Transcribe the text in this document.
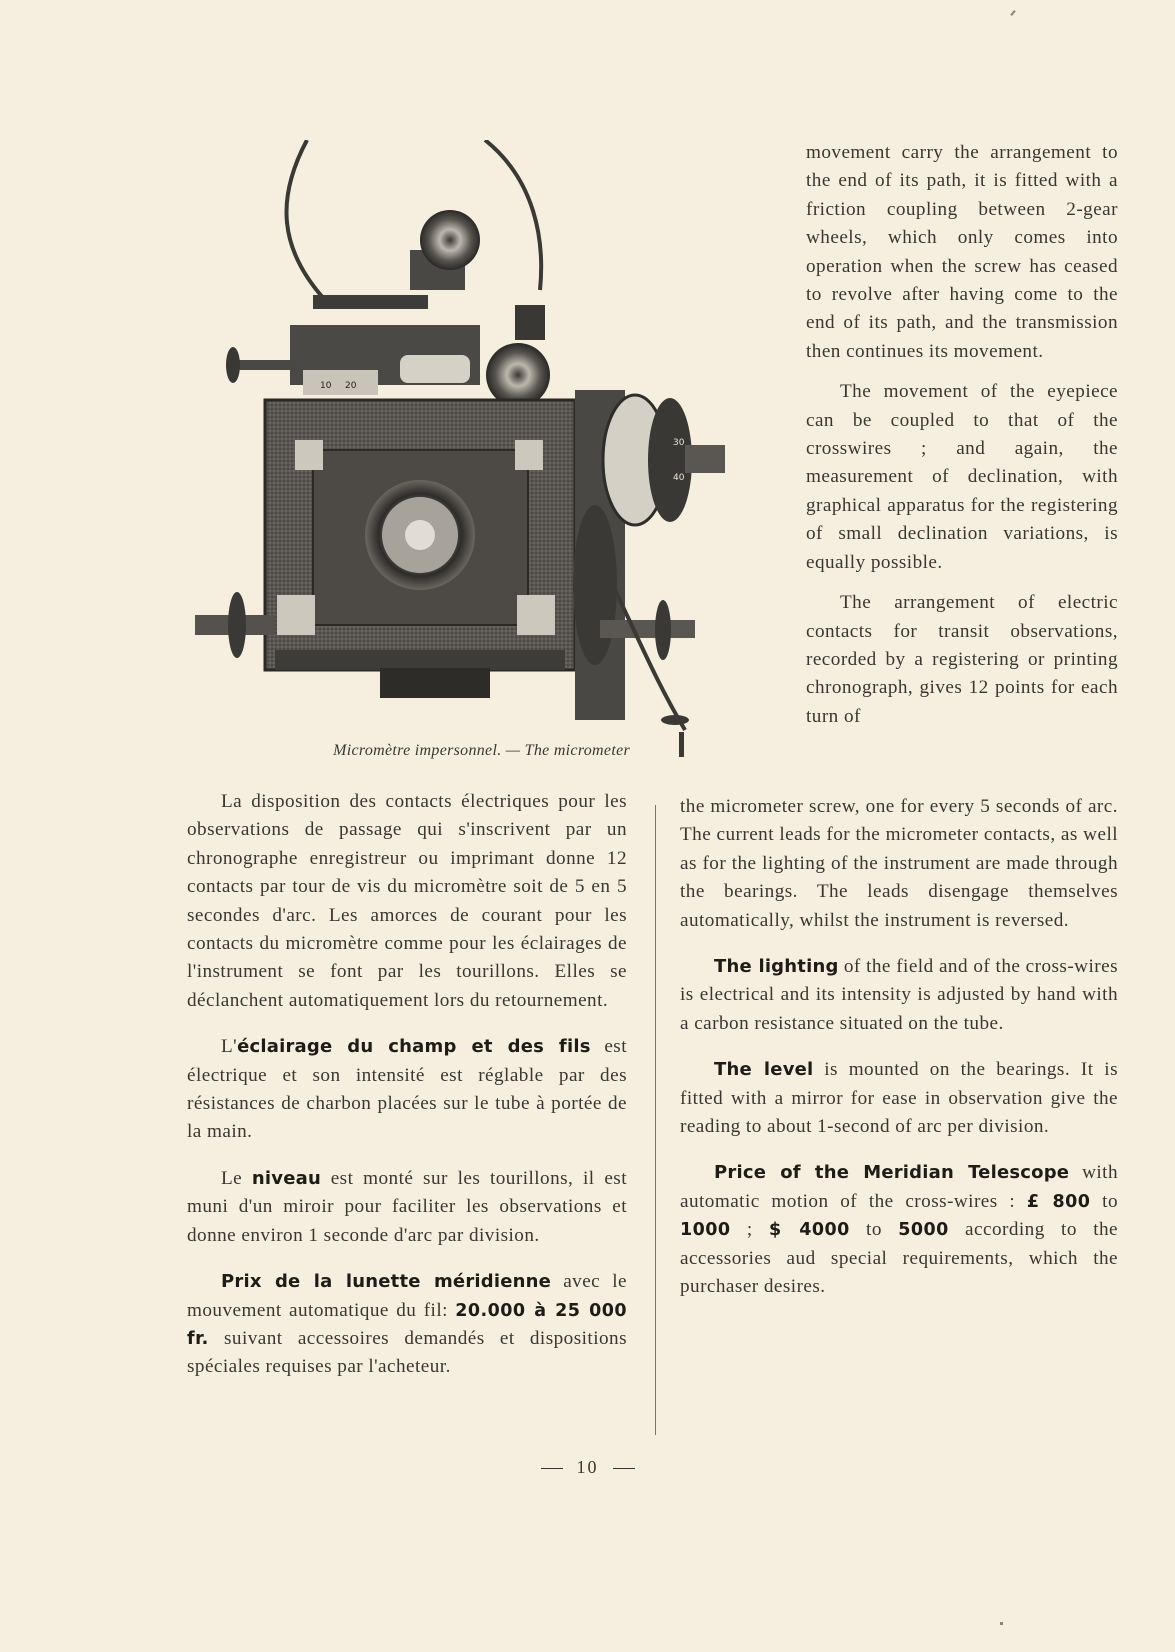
10 20
30
40
Micromètre impersonnel. — The micrometer

movement carry the arrangement to the end of its path, it is fitted with a friction coupling between 2-gear wheels, which only comes into operation when the screw has ceased to revolve after having come to the end of its path, and the transmission then continues its movement.

The movement of the eyepiece can be coupled to that of the crosswires ; and again, the measurement of declination, with graphical apparatus for the registering of small declination variations, is equally possible.

The arrangement of electric contacts for transit observations, recorded by a registering or printing chronograph, gives 12 points for each turn of

the micrometer screw, one for every 5 seconds of arc. The current leads for the micrometer contacts, as well as for the lighting of the instrument are made through the bearings. The leads disengage themselves automatically, whilst the instrument is reversed.

The lighting of the field and of the cross-wires is electrical and its intensity is adjusted by hand with a carbon resistance situated on the tube.

The level is mounted on the bearings. It is fitted with a mirror for ease in observation give the reading to about 1-second of arc per division.

Price of the Meridian Telescope with automatic motion of the cross-wires : £ 800 to 1000 ; $ 4000 to 5000 according to the accessories aud special requirements, which the purchaser desires.

La disposition des contacts électriques pour les observations de passage qui s'inscrivent par un chronographe enregistreur ou imprimant donne 12 contacts par tour de vis du micromètre soit de 5 en 5 secondes d'arc. Les amorces de courant pour les contacts du micromètre comme pour les éclairages de l'instrument se font par les tourillons. Elles se déclanchent automatiquement lors du retournement.

L'éclairage du champ et des fils est électrique et son intensité est réglable par des résistances de charbon placées sur le tube à portée de la main.

Le niveau est monté sur les tourillons, il est muni d'un miroir pour faciliter les observations et donne environ 1 seconde d'arc par division.

Prix de la lunette méridienne avec le mouvement automatique du fil: 20.000 à 25 000 fr. suivant accessoires demandés et dispositions spéciales requises par l'acheteur.

10
